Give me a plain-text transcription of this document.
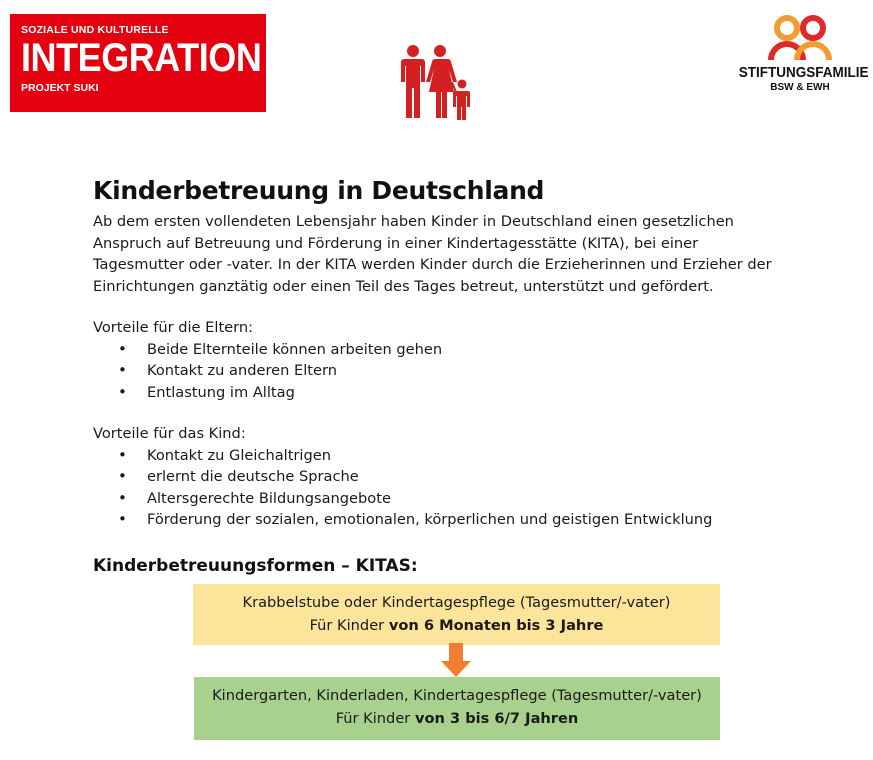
SOZIALE UND KULTURELLE
INTEGRATION
PROJEKT SUKI
STIFTUNGSFAMILIE
BSW & EWH
Kinderbetreuung in Deutschland

Ab dem ersten vollendeten Lebensjahr haben Kinder in Deutschland einen gesetzlichen Anspruch auf Betreuung und Förderung in einer Kindertagesstätte (KITA), bei einer Tagesmutter oder -vater. In der KITA werden Kinder durch die Erzieherinnen und Erzieher der Einrichtungen ganztätig oder einen Teil des Tages betreut, unterstützt und gefördert.

Vorteile für die Eltern:
• Beide Elternteile können arbeiten gehen
• Kontakt zu anderen Eltern
• Entlastung im Alltag
Vorteile für das Kind:
• Kontakt zu Gleichaltrigen
• erlernt die deutsche Sprache
• Altersgerechte Bildungsangebote
• Förderung der sozialen, emotionalen, körperlichen und geistigen Entwicklung
Kinderbetreuungsformen – KITAS:
Krabbelstube oder Kindertagespflege (Tagesmutter/-vater)
Für Kinder von 6 Monaten bis 3 Jahre
Kindergarten, Kinderladen, Kindertagespflege (Tagesmutter/-vater)
Für Kinder von 3 bis 6/7 Jahren
